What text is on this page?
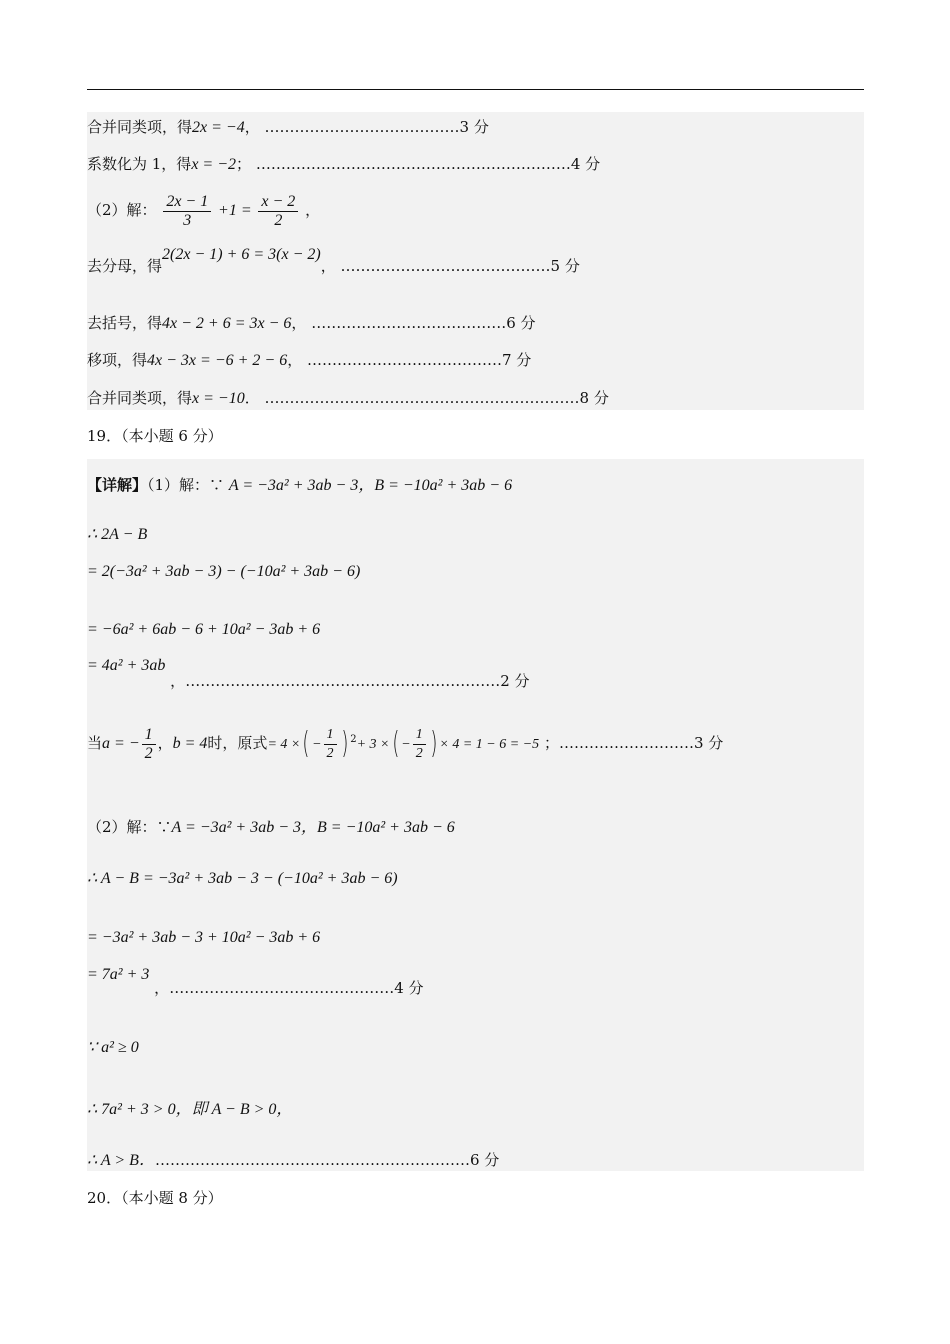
合并同类项，得2x = −4， …………………………………3 分
系数化为 1，得x = −2； ………………………………………………………4 分
（2）解： $\frac{2x - 1}{3} +1 = \frac{x - 2}{2}$ ，
去分母，得2(2x − 1) + 6 = 3(x − 2)， ……………………………………5 分
去括号，得4x − 2 + 6 = 3x − 6， …………………………………6 分
移项，得4x − 3x = −6 + 2 − 6， …………………………………7 分
合并同类项，得x = −10． ………………………………………………………8 分
19．（本小题 6 分）
【详解】（1）解：∵ A = −3a² + 3ab − 3，B = −10a² + 3ab − 6
∴ 2A − B
= 2(−3a² + 3ab − 3) − (−10a² + 3ab − 6)
= −6a² + 6ab − 6 + 10a² − 3ab + 6
= 4a² + 3ab ，………………………………………………………2 分
当a = − $\frac{1}{2}$ ，b = 4时，原式= 4 ×( − $\frac{1}{2}$ ) $^2$+ 3 ×( − $\frac{1}{2}$ ) × 4 = 1 − 6 = −5 ；………………………3 分
（2）解：∵A = −3a² + 3ab − 3，B = −10a² + 3ab − 6
∴ A − B = −3a² + 3ab − 3 − (−10a² + 3ab − 6)
= −3a² + 3ab − 3 + 10a² − 3ab + 6
= 7a² + 3 ，………………………………………4 分
∵ a² ≥ 0
∴ 7a² + 3 > 0，即 A − B > 0，
∴ A > B．………………………………………………………6 分
20．（本小题 8 分）
